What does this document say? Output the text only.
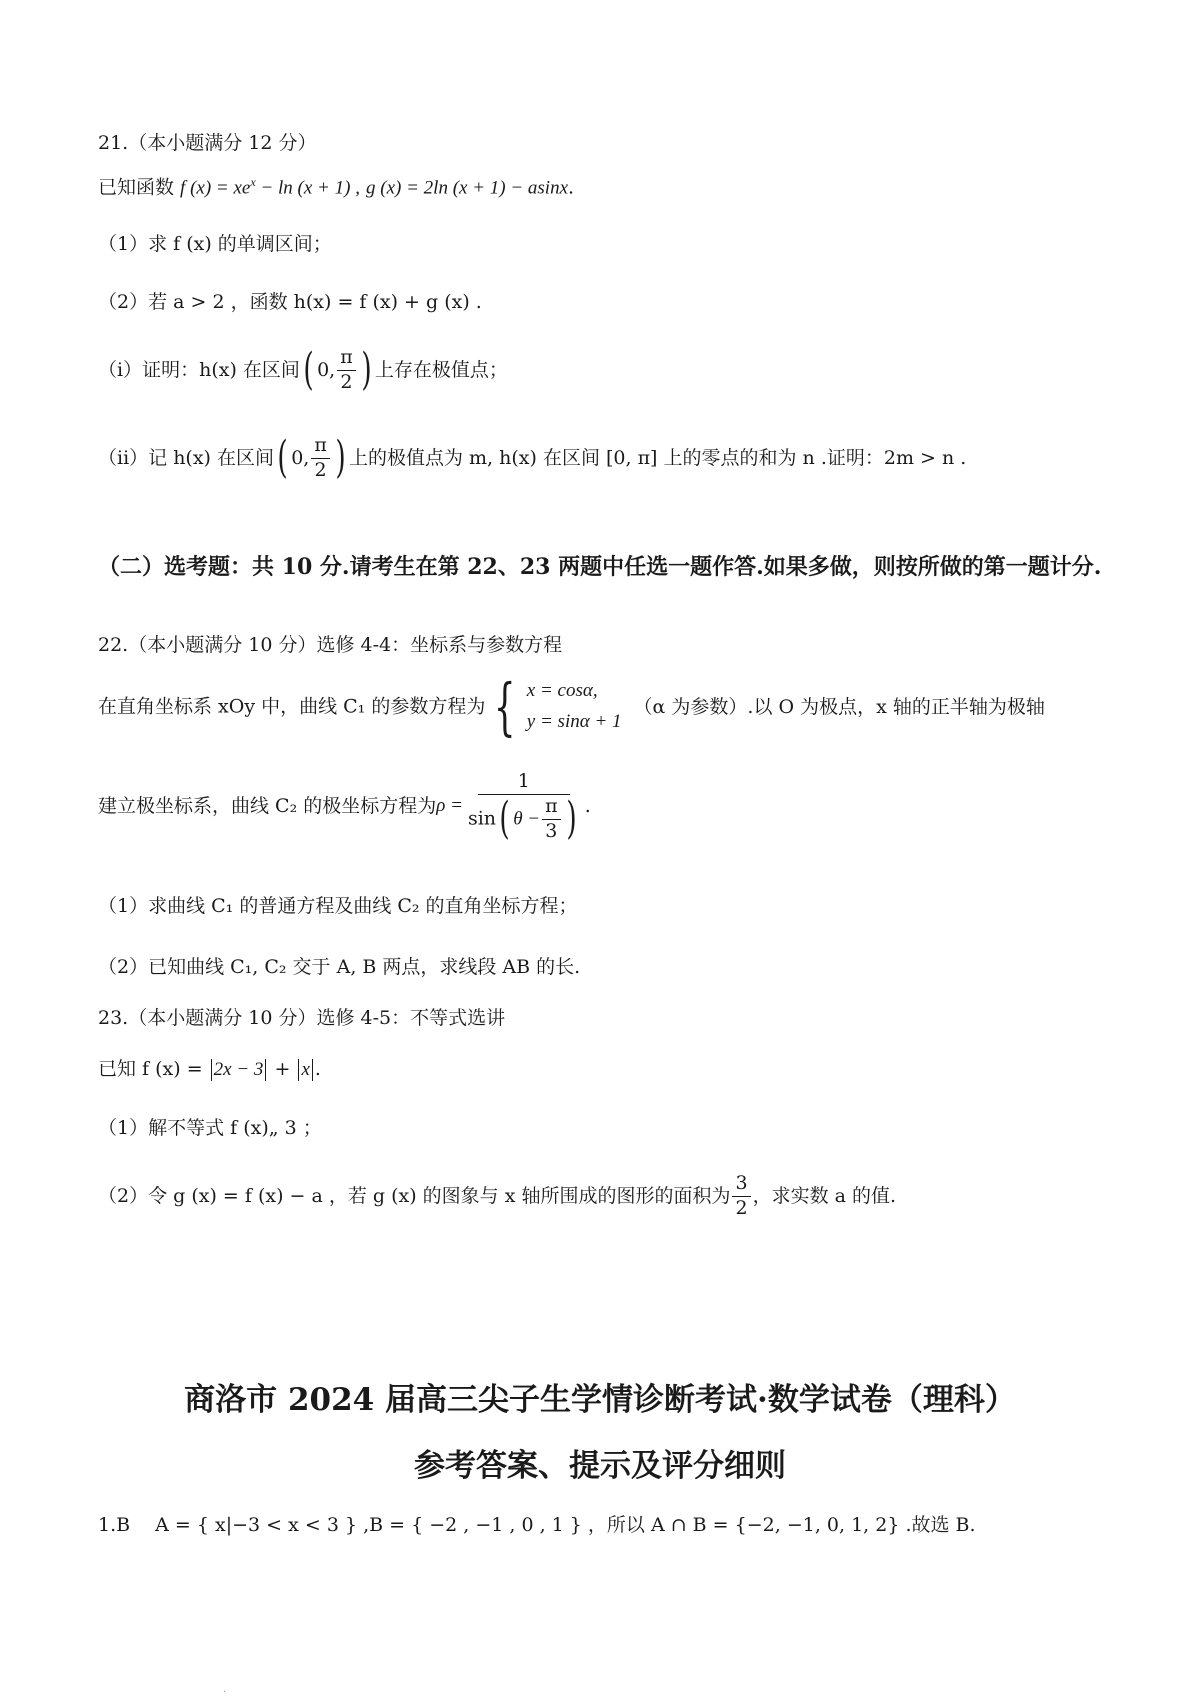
21.（本小题满分 12 分）
已知函数 f $(x) = xe^x - \ln (x + 1)$ , g (x) = 2ln (x + 1) − asinx.
（1）求 f (x) 的单调区间；
（2）若 a > 2 ，函数 h(x) = f (x) + g (x) .
（i）证明：h(x) 在区间( 0, $\frac{\pi}{2}$ ) 上存在极值点；
（ii）记 h(x) 在区间( 0, $\frac{\pi}{2}$ ) 上的极值点为 m, h(x) 在区间 [0, π] 上的零点的和为 n .证明：2m > n .
（二）选考题：共 10 分.请考生在第 22、23 两题中任选一题作答.如果多做，则按所做的第一题计分.
22.（本小题满分 10 分）选修 4-4：坐标系与参数方程
在直角坐标系 xOy 中，曲线 C₁ 的参数方程为 { x = cosα,
y = sinα + 1
（α 为参数）.以 O 为极点，x 轴的正半轴为极轴
建立极坐标系，曲线 C₂ 的极坐标方程为$\rho = \frac{1}{\sin( \theta - \frac{\pi}{3} )}$ .
（1）求曲线 C₁ 的普通方程及曲线 C₂ 的直角坐标方程；
（2）已知曲线 C₁, C₂ 交于 A, B 两点，求线段 AB 的长.
23.（本小题满分 10 分）选修 4-5：不等式选讲
已知 f (x) = 2x − 3 + x .
（1）解不等式 f (x)„ 3 ；
（2）令 g (x) = f (x) − a ，若 g (x) 的图象与 x 轴所围成的图形的面积为 $\frac{3}{2}$ ，求实数 a 的值.
商洛市 2024 届高三尖子生学情诊断考试·数学试卷（理科）
参考答案、提示及评分细则
1.B　 A = { x|−3 < x < 3 } ,B = { −2 , −1 , 0 , 1 } ，所以 A ∩ B = {−2, −1, 0, 1, 2} .故选 B.
.
